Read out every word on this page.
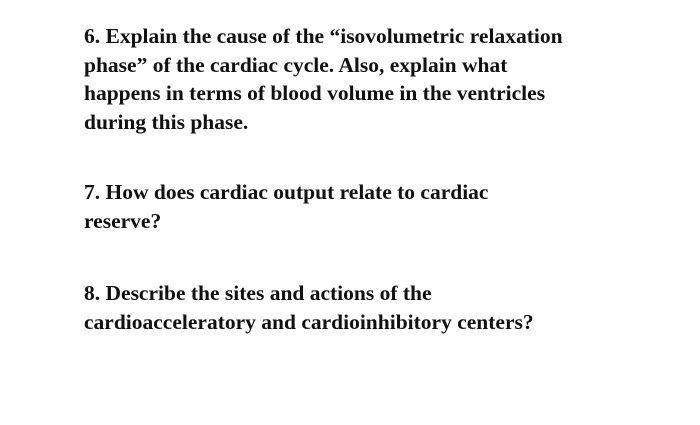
6. Explain the cause of the “isovolumetric relaxation
phase” of the cardiac cycle. Also, explain what
happens in terms of blood volume in the ventricles
during this phase.

7. How does cardiac output relate to cardiac
reserve?

8. Describe the sites and actions of the
cardioacceleratory and cardioinhibitory centers?
